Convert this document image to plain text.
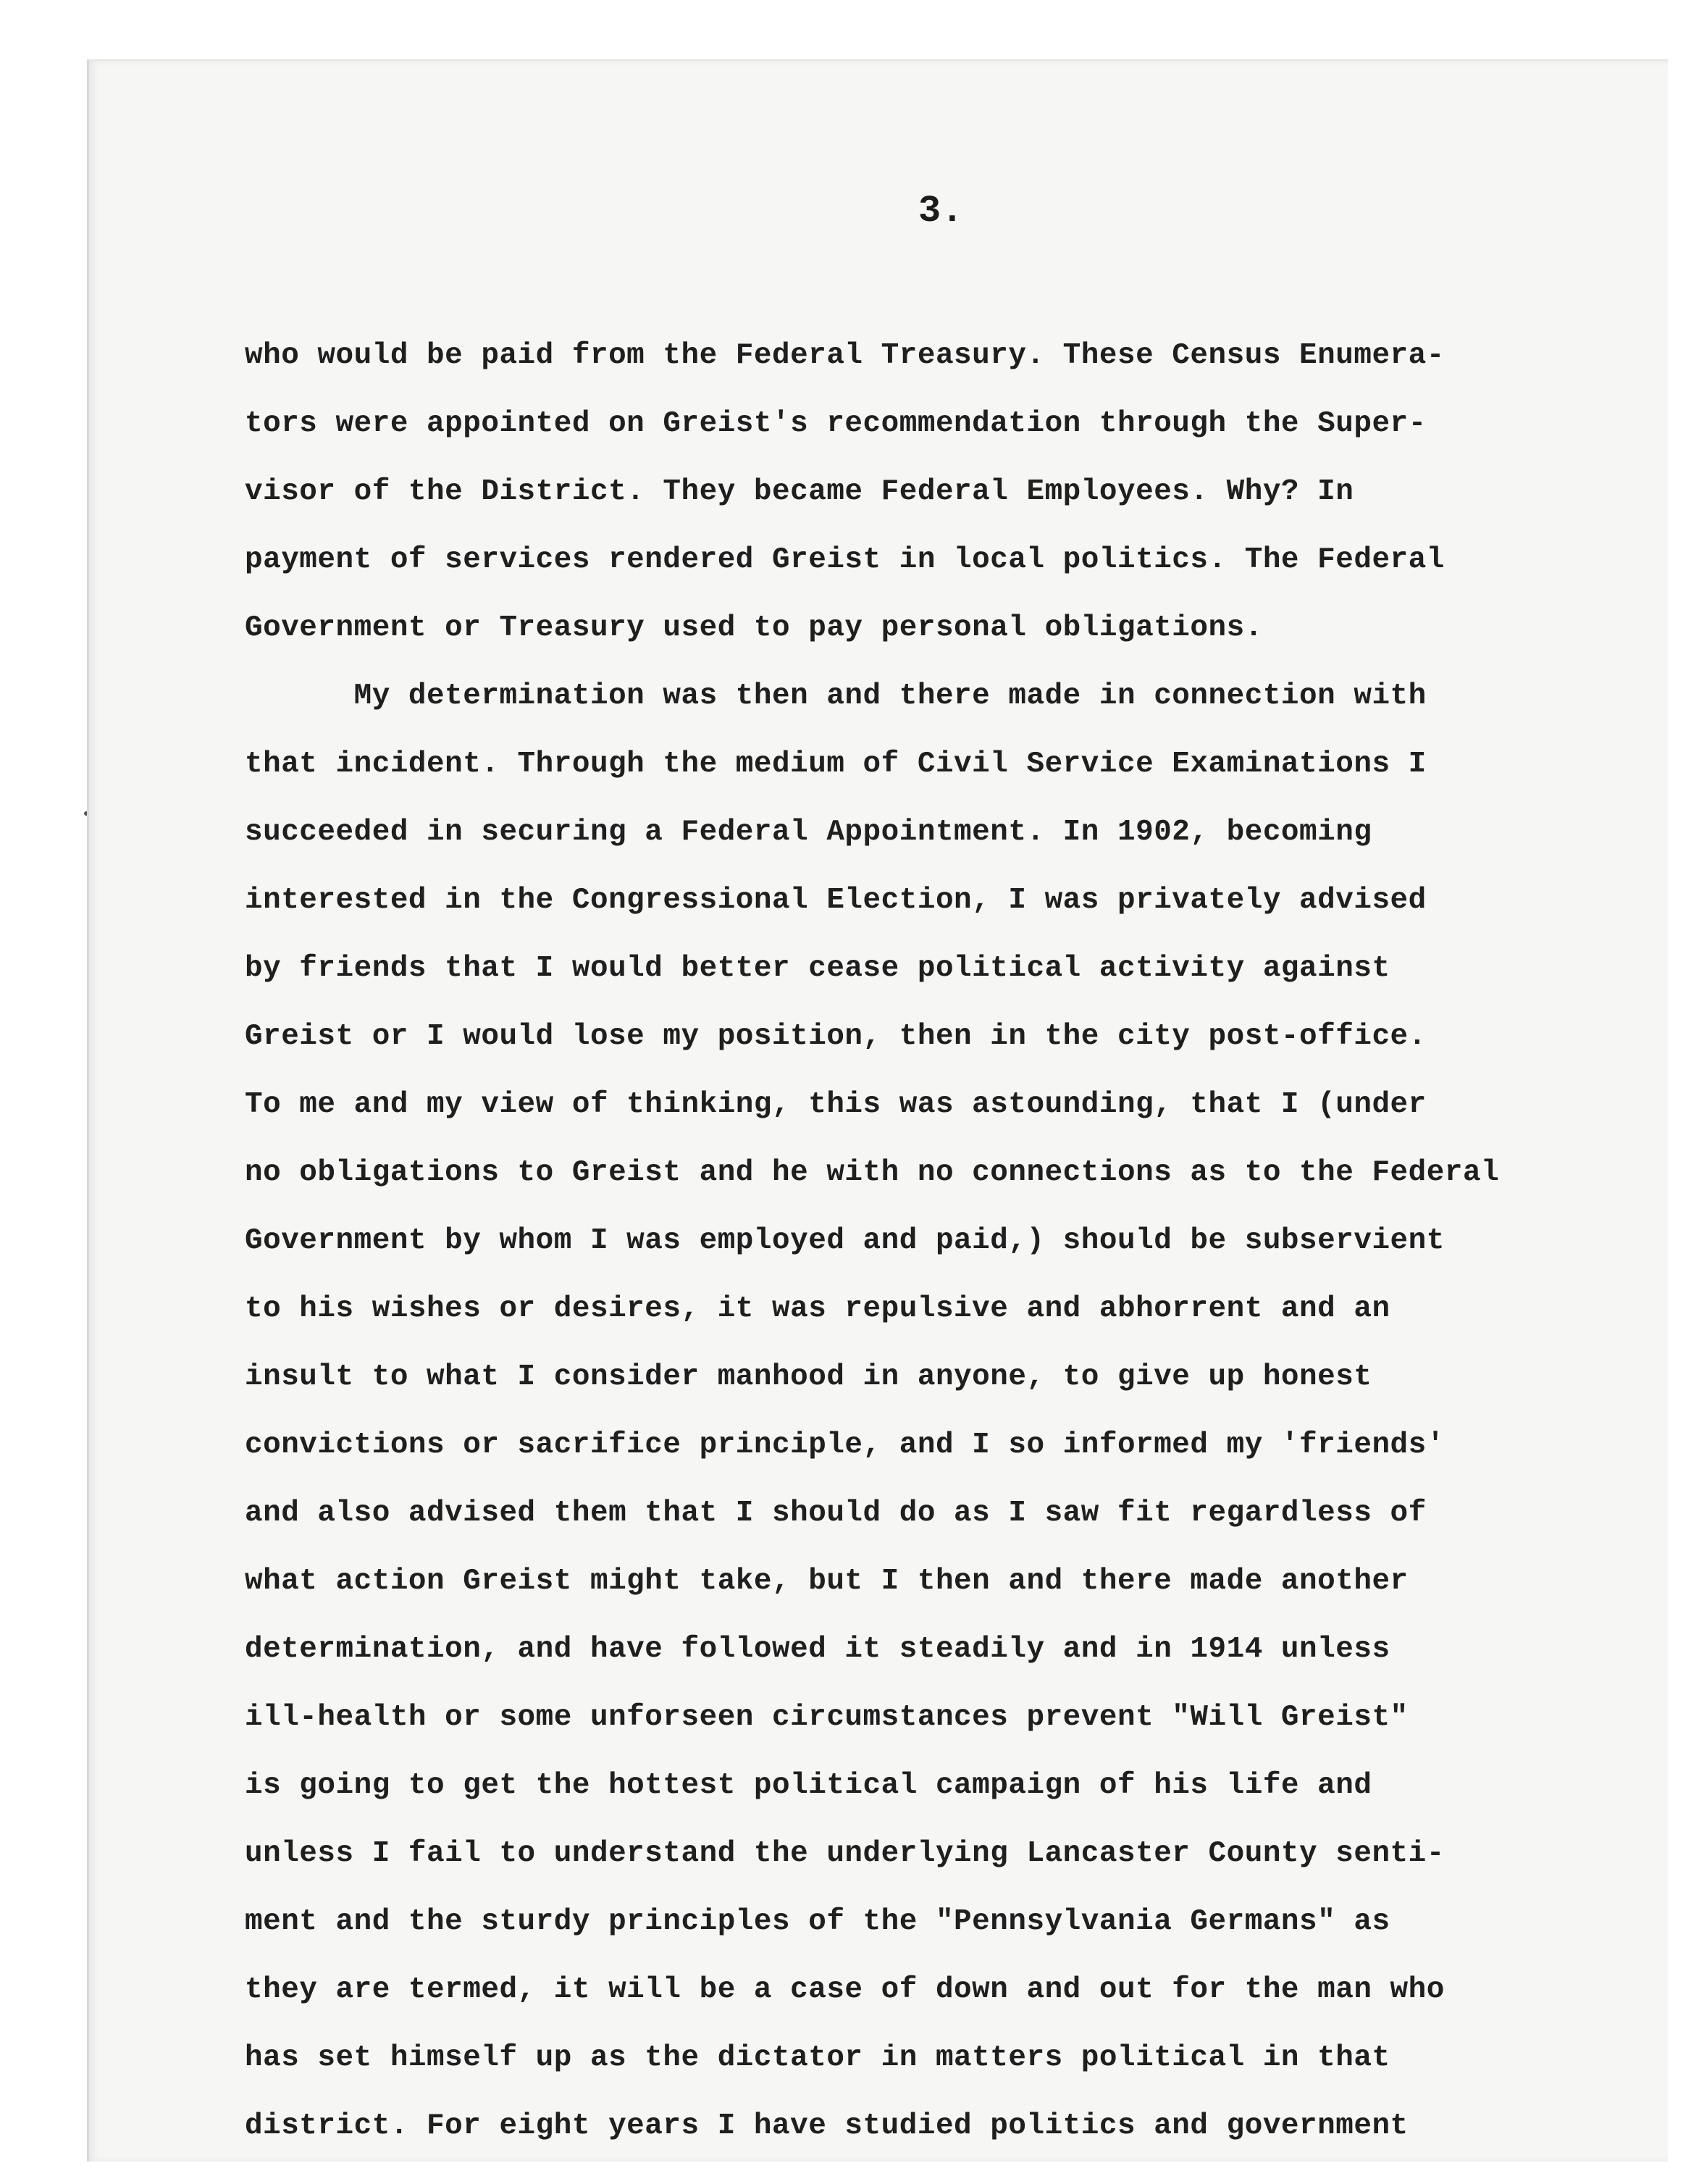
3.

who would be paid from the Federal Treasury. These Census Enumera-

tors were appointed on Greist's recommendation through the Super-

visor of the District. They became Federal Employees. Why? In

payment of services rendered Greist in local politics. The Federal

Government or Treasury used to pay personal obligations.

My determination was then and there made in connection with

that incident. Through the medium of Civil Service Examinations I

succeeded in securing a Federal Appointment. In 1902, becoming

interested in the Congressional Election, I was privately advised

by friends that I would better cease political activity against

Greist or I would lose my position, then in the city post-office.

To me and my view of thinking, this was astounding, that I (under

no obligations to Greist and he with no connections as to the Federal

Government by whom I was employed and paid,) should be subservient

to his wishes or desires, it was repulsive and abhorrent and an

insult to what I consider manhood in anyone, to give up honest

convictions or sacrifice principle, and I so informed my 'friends'

and also advised them that I should do as I saw fit regardless of

what action Greist might take, but I then and there made another

determination, and have followed it steadily and in 1914 unless

ill-health or some unforseen circumstances prevent "Will Greist"

is going to get the hottest political campaign of his life and

unless I fail to understand the underlying Lancaster County senti-

ment and the sturdy principles of the "Pennsylvania Germans" as

they are termed, it will be a case of down and out for the man who

has set himself up as the dictator in matters political in that

district. For eight years I have studied politics and government
